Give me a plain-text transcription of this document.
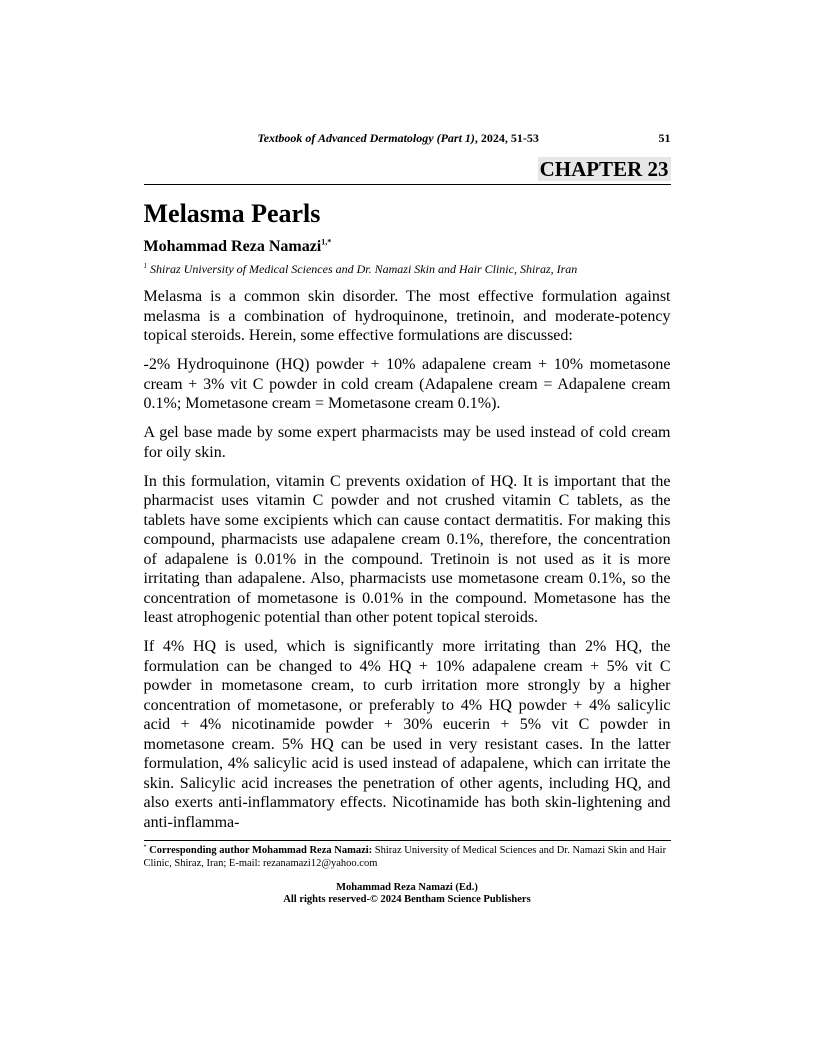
Textbook of Advanced Dermatology (Part 1), 2024, 51-53	51
CHAPTER 23
Melasma Pearls
Mohammad Reza Namazi$^{1,*}$
$^1$ Shiraz University of Medical Sciences and Dr. Namazi Skin and Hair Clinic, Shiraz, Iran

Melasma is a common skin disorder. The most effective formulation against melasma is a combination of hydroquinone, tretinoin, and moderate-potency topical steroids. Herein, some effective formulations are discussed:

-2% Hydroquinone (HQ) powder + 10% adapalene cream + 10% mometasone cream + 3% vit C powder in cold cream (Adapalene cream = Adapalene cream 0.1%; Mometasone cream = Mometasone cream 0.1%).

A gel base made by some expert pharmacists may be used instead of cold cream for oily skin.

In this formulation, vitamin C prevents oxidation of HQ. It is important that the pharmacist uses vitamin C powder and not crushed vitamin C tablets, as the tablets have some excipients which can cause contact dermatitis. For making this compound, pharmacists use adapalene cream 0.1%, therefore, the concentration of adapalene is 0.01% in the compound. Tretinoin is not used as it is more irritating than adapalene. Also, pharmacists use mometasone cream 0.1%, so the concentration of mometasone is 0.01% in the compound. Mometasone has the least atrophogenic potential than other potent topical steroids.

If 4% HQ is used, which is significantly more irritating than 2% HQ, the formulation can be changed to 4% HQ + 10% adapalene cream + 5% vit C powder in mometasone cream, to curb irritation more strongly by a higher concentration of mometasone, or preferably to 4% HQ powder + 4% salicylic acid + 4% nicotinamide powder + 30% eucerin + 5% vit C powder in mometasone cream. 5% HQ can be used in very resistant cases. In the latter formulation, 4% salicylic acid is used instead of adapalene, which can irritate the skin. Salicylic acid increases the penetration of other agents, including HQ, and also exerts anti-inflammatory effects. Nicotinamide has both skin-lightening and anti-inflamma-

* Corresponding author Mohammad Reza Namazi: Shiraz University of Medical Sciences and Dr. Namazi Skin and Hair Clinic, Shiraz, Iran; E-mail: rezanamazi12@yahoo.com
Mohammad Reza Namazi (Ed.)
All rights reserved-© 2024 Bentham Science Publishers
